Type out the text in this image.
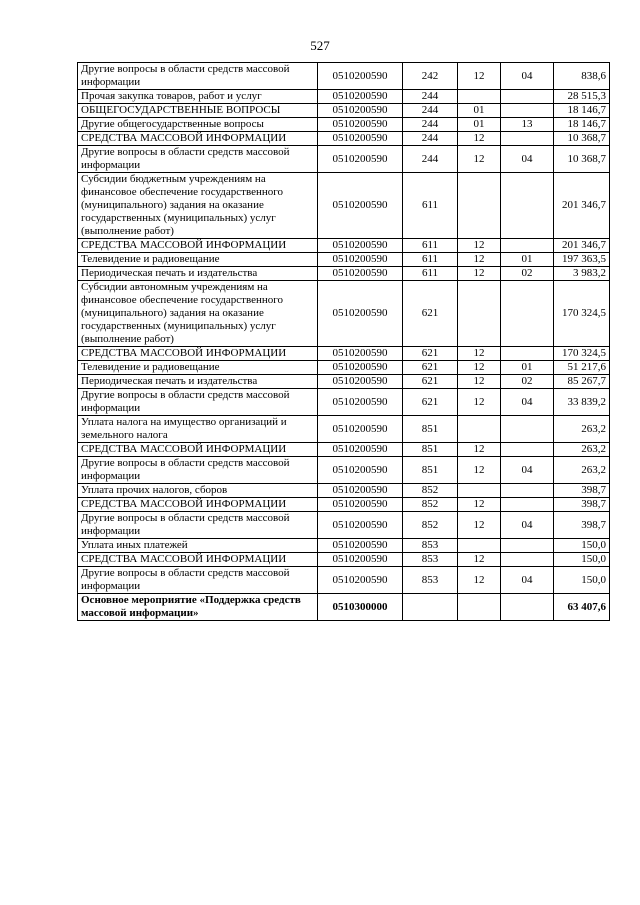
527
Другие вопросы в области средств массовой информации	0510200590	242	12	04	838,6
Прочая закупка товаров, работ и услуг	0510200590	244			28 515,3
ОБЩЕГОСУДАРСТВЕННЫЕ ВОПРОСЫ	0510200590	244	01		18 146,7
Другие общегосударственные вопросы	0510200590	244	01	13	18 146,7
СРЕДСТВА МАССОВОЙ ИНФОРМАЦИИ	0510200590	244	12		10 368,7
Другие вопросы в области средств массовой информации	0510200590	244	12	04	10 368,7
Субсидии бюджетным учреждениям на финансовое обеспечение государственного (муниципального) задания на оказание государственных (муниципальных) услуг (выполнение работ)	0510200590	611			201 346,7
СРЕДСТВА МАССОВОЙ ИНФОРМАЦИИ	0510200590	611	12		201 346,7
Телевидение и радиовещание	0510200590	611	12	01	197 363,5
Периодическая печать и издательства	0510200590	611	12	02	3 983,2
Субсидии автономным учреждениям на финансовое обеспечение государственного (муниципального) задания на оказание государственных (муниципальных) услуг (выполнение работ)	0510200590	621			170 324,5
СРЕДСТВА МАССОВОЙ ИНФОРМАЦИИ	0510200590	621	12		170 324,5
Телевидение и радиовещание	0510200590	621	12	01	51 217,6
Периодическая печать и издательства	0510200590	621	12	02	85 267,7
Другие вопросы в области средств массовой информации	0510200590	621	12	04	33 839,2
Уплата налога на имущество организаций и земельного налога	0510200590	851			263,2
СРЕДСТВА МАССОВОЙ ИНФОРМАЦИИ	0510200590	851	12		263,2
Другие вопросы в области средств массовой информации	0510200590	851	12	04	263,2
Уплата прочих налогов, сборов	0510200590	852			398,7
СРЕДСТВА МАССОВОЙ ИНФОРМАЦИИ	0510200590	852	12		398,7
Другие вопросы в области средств массовой информации	0510200590	852	12	04	398,7
Уплата иных платежей	0510200590	853			150,0
СРЕДСТВА МАССОВОЙ ИНФОРМАЦИИ	0510200590	853	12		150,0
Другие вопросы в области средств массовой информации	0510200590	853	12	04	150,0
Основное мероприятие «Поддержка средств массовой информации»	0510300000				63 407,6
